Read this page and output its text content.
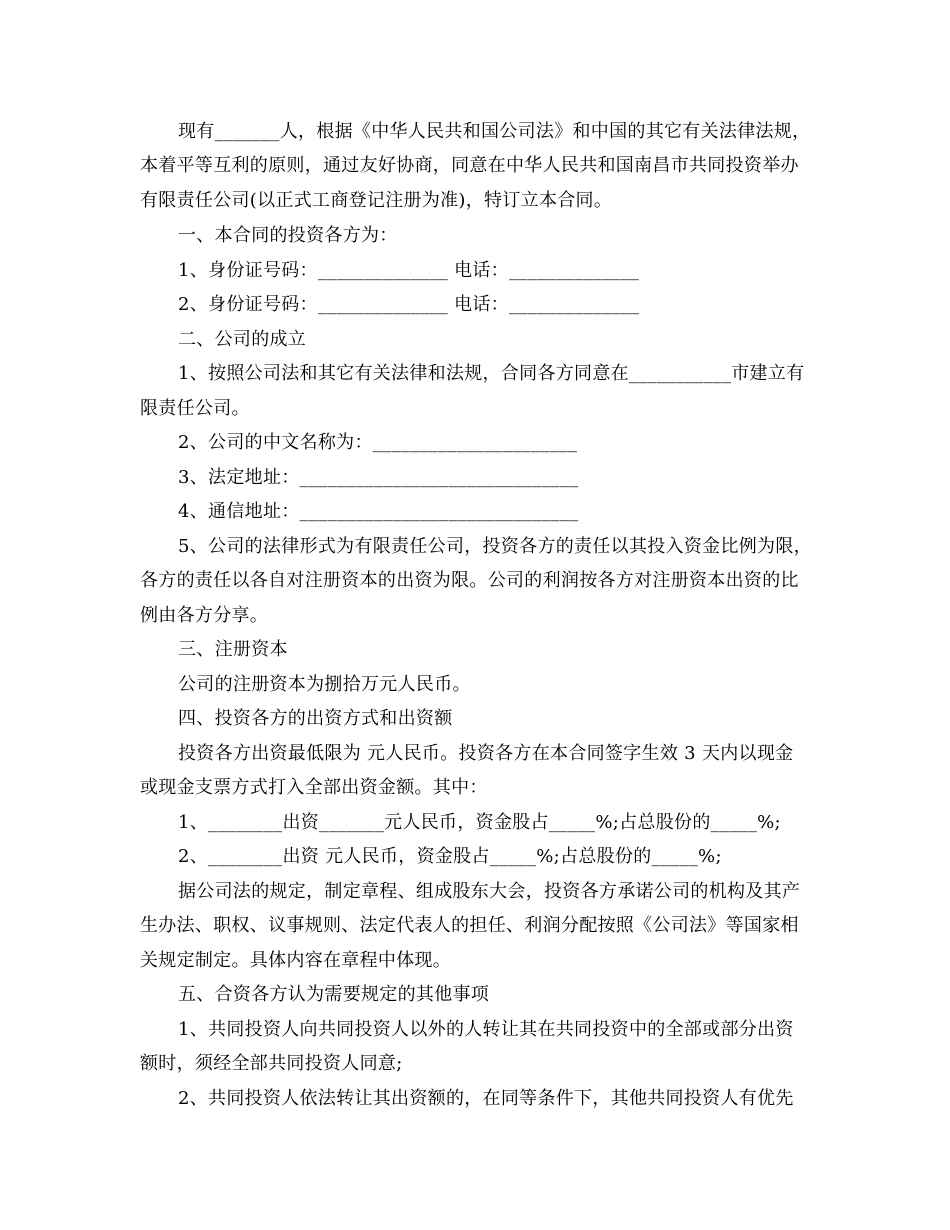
现有_______人，根据《中华人民共和国公司法》和中国的其它有关法律法规，
本着平等互利的原则，通过友好协商，同意在中华人民共和国南昌市共同投资举办
有限责任公司(以正式工商登记注册为准)，特订立本合同。
一、本合同的投资各方为：
1、身份证号码：______________ 电话：______________
2、身份证号码：______________ 电话：______________
二、公司的成立
1、按照公司法和其它有关法律和法规，合同各方同意在___________市建立有
限责任公司。
2、公司的中文名称为：______________________
3、法定地址：______________________________
4、通信地址：______________________________
5、公司的法律形式为有限责任公司，投资各方的责任以其投入资金比例为限，
各方的责任以各自对注册资本的出资为限。公司的利润按各方对注册资本出资的比
例由各方分享。
三、注册资本
公司的注册资本为捌拾万元人民币。
四、投资各方的出资方式和出资额
投资各方出资最低限为 元人民币。投资各方在本合同签字生效 3 天内以现金
或现金支票方式打入全部出资金额。其中：
1、________出资_______元人民币，资金股占_____%;占总股份的_____%;
2、________出资 元人民币，资金股占_____%;占总股份的_____%;
据公司法的规定，制定章程、组成股东大会，投资各方承诺公司的机构及其产
生办法、职权、议事规则、法定代表人的担任、利润分配按照《公司法》等国家相
关规定制定。具体内容在章程中体现。
五、合资各方认为需要规定的其他事项
1、共同投资人向共同投资人以外的人转让其在共同投资中的全部或部分出资
额时，须经全部共同投资人同意;
2、共同投资人依法转让其出资额的，在同等条件下，其他共同投资人有优先
